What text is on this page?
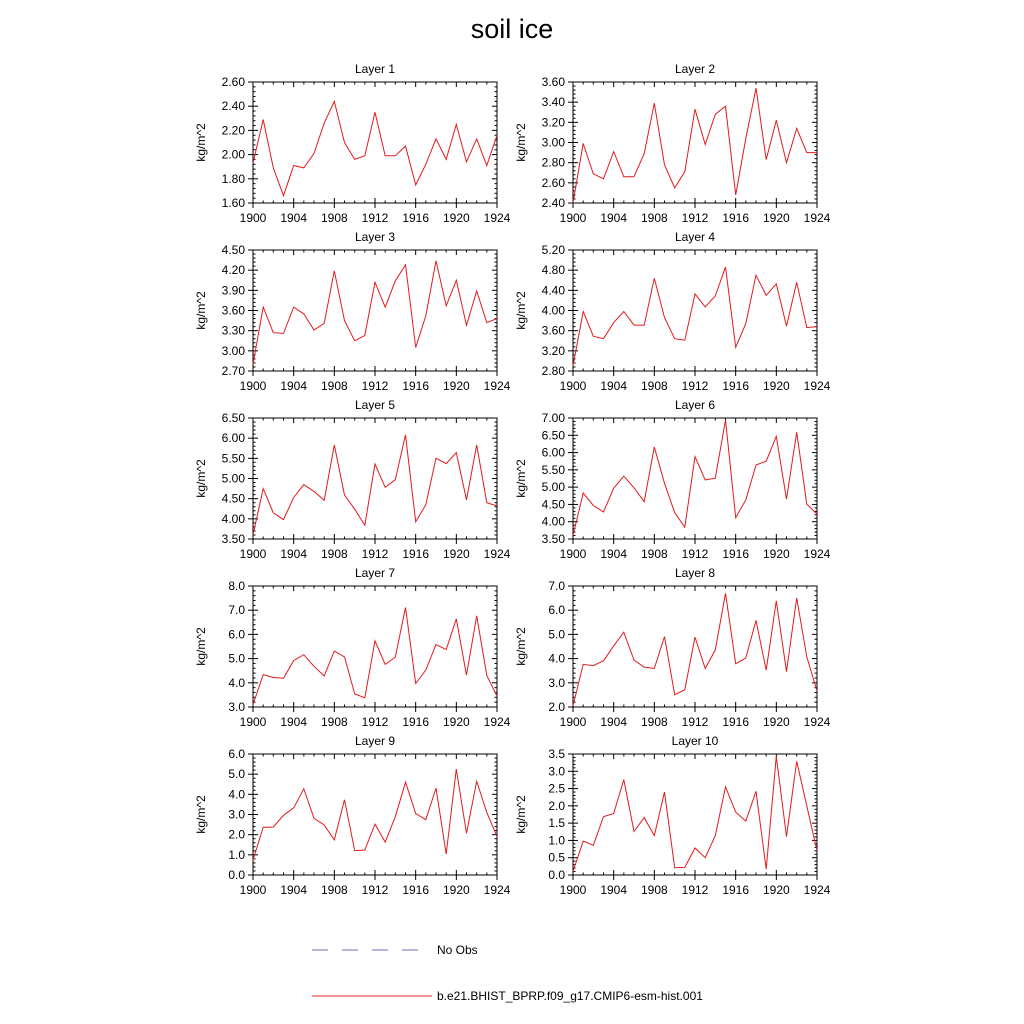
soil ice
Layer 1
kg/m^2
1.60
1.80
2.00
2.20
2.40
2.60
1900 1904 1908 1912 1916 1920 1924
Layer 2
kg/m^2
2.40
2.60
2.80
3.00
3.20
3.40
3.60
1900 1904 1908 1912 1916 1920 1924
Layer 3
kg/m^2
2.70
3.00
3.30
3.60
3.90
4.20
4.50
1900 1904 1908 1912 1916 1920 1924
Layer 4
kg/m^2
2.80
3.20
3.60
4.00
4.40
4.80
5.20
1900 1904 1908 1912 1916 1920 1924
Layer 5
kg/m^2
3.50
4.00
4.50
5.00
5.50
6.00
6.50
1900 1904 1908 1912 1916 1920 1924
Layer 6
kg/m^2
3.50
4.00
4.50
5.00
5.50
6.00
6.50
7.00
1900 1904 1908 1912 1916 1920 1924
Layer 7
kg/m^2
3.0
4.0
5.0
6.0
7.0
8.0
1900 1904 1908 1912 1916 1920 1924
Layer 8
kg/m^2
2.0
3.0
4.0
5.0
6.0
7.0
1900 1904 1908 1912 1916 1920 1924
Layer 9
kg/m^2
0.0
1.0
2.0
3.0
4.0
5.0
6.0
1900 1904 1908 1912 1916 1920 1924
Layer 10
kg/m^2
0.0
0.5
1.0
1.5
2.0
2.5
3.0
3.5
1900 1904 1908 1912 1916 1920 1924
No Obs
b.e21.BHIST_BPRP.f09_g17.CMIP6-esm-hist.001
